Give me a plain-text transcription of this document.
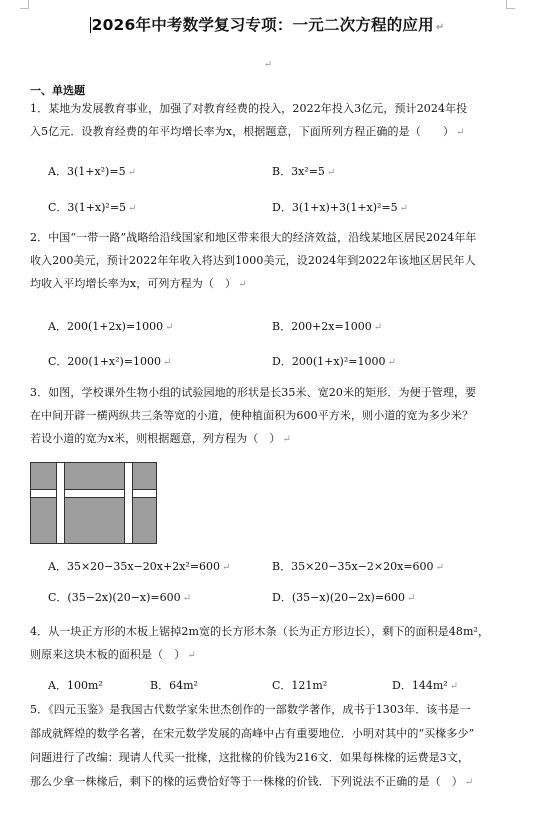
2026年中考数学复习专项：一元二次方程的应用 ↵
↵
一、单选题
1．某地为发展教育事业，加强了对教育经费的投入，2022年投入3亿元，预计2024年投
入5亿元．设教育经费的年平均增长率为x，根据题意，下面所列方程正确的是（　　） ↵
A．3(1+x²)=5 ↵	B．3x²=5 ↵
C．3(1+x)²=5 ↵	D．3(1+x)+3(1+x)²=5 ↵
2．中国“一带一路”战略给沿线国家和地区带来很大的经济效益，沿线某地区居民2024年年
收入200美元，预计2022年年收入将达到1000美元，设2024年到2022年该地区居民年人
均收入平均增长率为x，可列方程为（　） ↵
A．200(1+2x)=1000 ↵	B．200+2x=1000 ↵
C．200(1+x²)=1000 ↵	D．200(1+x)²=1000 ↵
3．如图，学校课外生物小组的试验园地的形状是长35米、宽20米的矩形．为便于管理，要
在中间开辟一横两纵共三条等宽的小道，使种植面积为600平方米，则小道的宽为多少米？
若设小道的宽为x米，则根据题意，列方程为（　） ↵
A．35×20−35x−20x+2x²=600 ↵	B．35×20−35x−2×20x=600 ↵
C．(35−2x)(20−x)=600 ↵	D．(35−x)(20−2x)=600 ↵
4．从一块正方形的木板上锯掉2m宽的长方形木条（长为正方形边长），剩下的面积是48m²，
则原来这块木板的面积是（　） ↵
A．100m²	B．64m²	C．121m²	D．144m² ↵
5．《四元玉鉴》是我国古代数学家朱世杰创作的一部数学著作，成书于1303年．该书是一
部成就辉煌的数学名著，在宋元数学发展的高峰中占有重要地位．小明对其中的“买椽多少”
问题进行了改编：现请人代买一批椽，这批椽的价钱为216文．如果每株椽的运费是3文，
那么少拿一株椽后，剩下的椽的运费恰好等于一株椽的价钱．下列说法不正确的是（　） ↵
